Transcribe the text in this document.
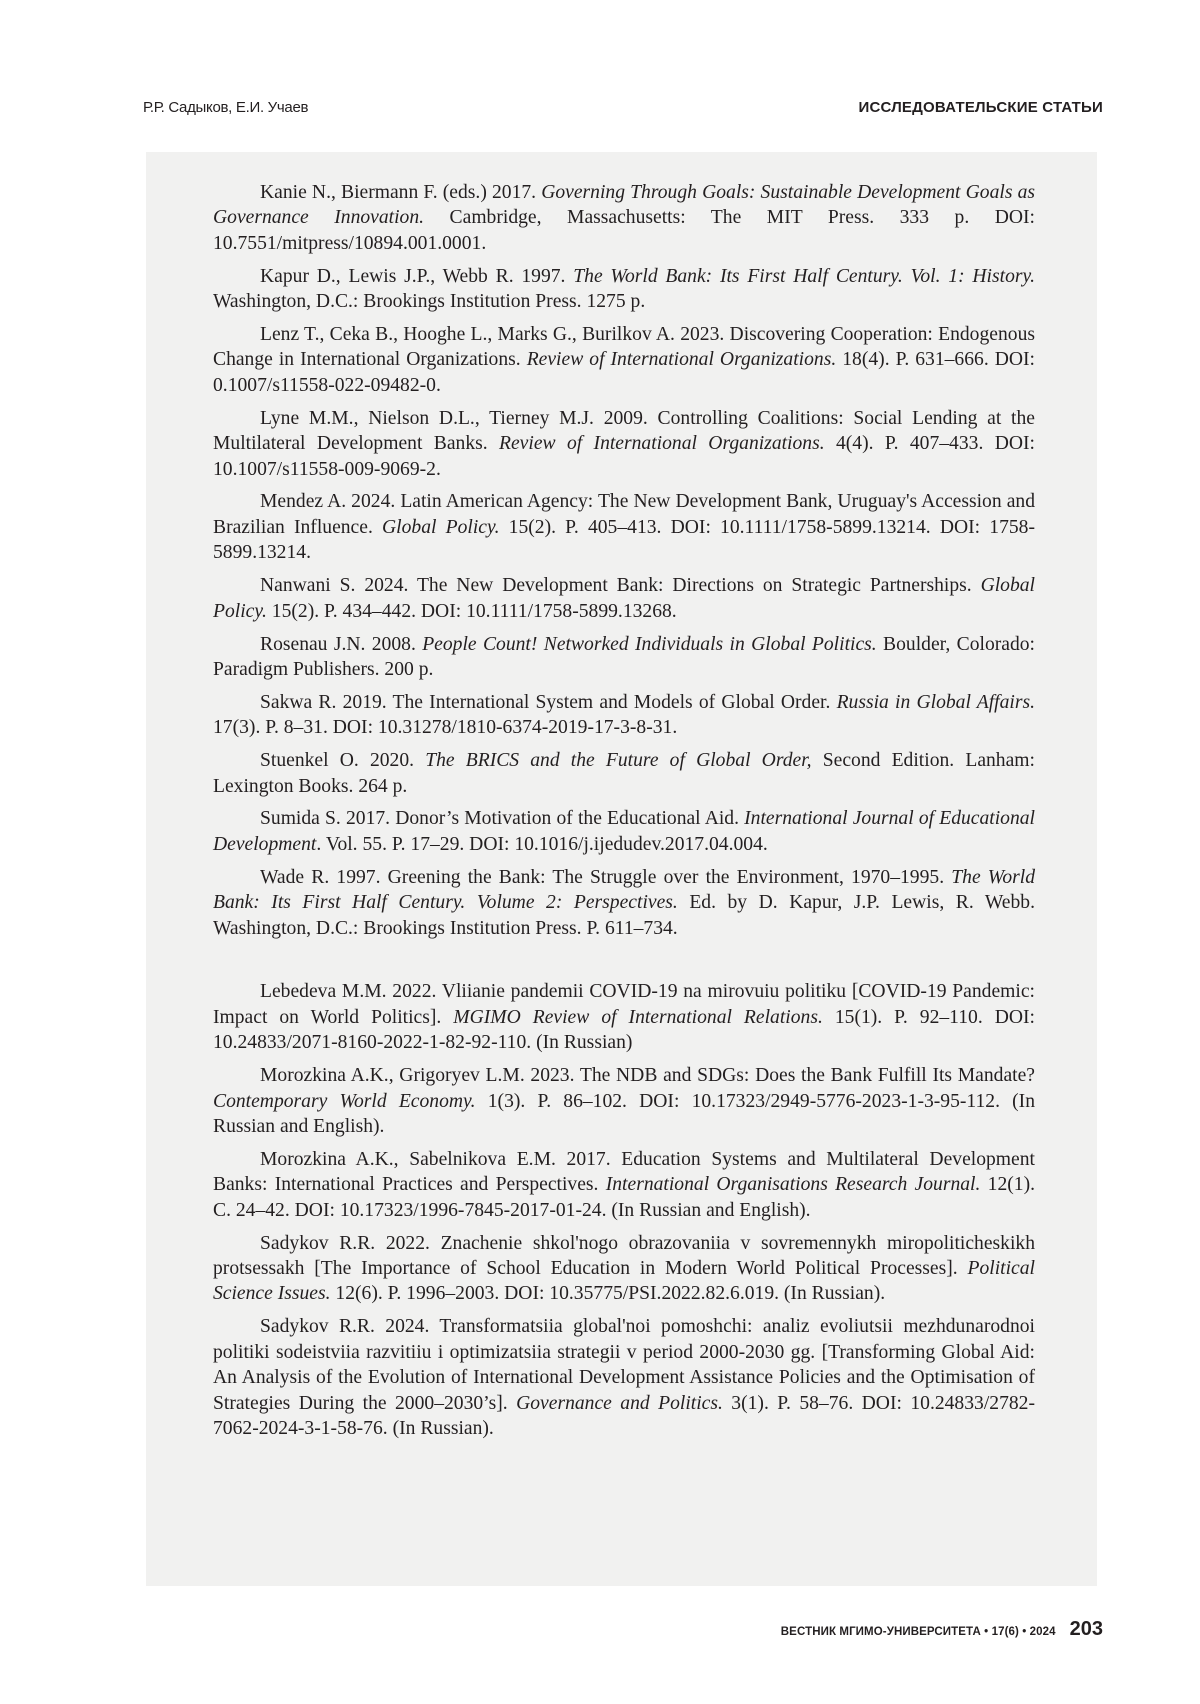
Р.Р. Садыков, Е.И. Учаев	ИССЛЕДОВАТЕЛЬСКИЕ СТАТЬИ

Kanie N., Biermann F. (eds.) 2017. Governing Through Goals: Sustainable Development Goals as Governance Innovation. Cambridge, Massachusetts: The MIT Press. 333 p. DOI: 10.7551/mitpress/10894.001.0001.

Kapur D., Lewis J.P., Webb R. 1997. The World Bank: Its First Half Century. Vol. 1: History. Washington, D.C.: Brookings Institution Press. 1275 p.

Lenz T., Ceka B., Hooghe L., Marks G., Burilkov A. 2023. Discovering Cooperation: Endogenous Change in International Organizations. Review of International Organizations. 18(4). P. 631–666. DOI: 0.1007/s11558-022-09482-0.

Lyne M.M., Nielson D.L., Tierney M.J. 2009. Controlling Coalitions: Social Lending at the Multilateral Development Banks. Review of International Organizations. 4(4). P. 407–433. DOI: 10.1007/s11558-009-9069-2.

Mendez A. 2024. Latin American Agency: The New Development Bank, Uruguay's Accession and Brazilian Influence. Global Policy. 15(2). P. 405–413. DOI: 10.1111/1758-5899.13214. DOI: 1758-5899.13214.

Nanwani S. 2024. The New Development Bank: Directions on Strategic Partnerships. Global Policy. 15(2). P. 434–442. DOI: 10.1111/1758-5899.13268.

Rosenau J.N. 2008. People Count! Networked Individuals in Global Politics. Boulder, Colorado: Paradigm Publishers. 200 p.

Sakwa R. 2019. The International System and Models of Global Order. Russia in Global Affairs. 17(3). P. 8–31. DOI: 10.31278/1810-6374-2019-17-3-8-31.

Stuenkel O. 2020. The BRICS and the Future of Global Order, Second Edition. Lanham: Lexington Books. 264 p.

Sumida S. 2017. Donor’s Motivation of the Educational Aid. International Journal of Educational Development. Vol. 55. P. 17–29. DOI: 10.1016/j.ijedudev.2017.04.004.

Wade R. 1997. Greening the Bank: The Struggle over the Environment, 1970–1995. The World Bank: Its First Half Century. Volume 2: Perspectives. Ed. by D. Kapur, J.P. Lewis, R. Webb. Washington, D.C.: Brookings Institution Press. P. 611–734.

Lebedeva M.M. 2022. Vliianie pandemii COVID-19 na mirovuiu politiku [COVID-19 Pandemic: Impact on World Politics]. MGIMO Review of International Relations. 15(1). P. 92–110. DOI: 10.24833/2071-8160-2022-1-82-92-110. (In Russian)

Morozkina A.K., Grigoryev L.M. 2023. The NDB and SDGs: Does the Bank Fulfill Its Mandate? Contemporary World Economy. 1(3). P. 86–102. DOI: 10.17323/2949-5776-2023-1-3-95-112. (In Russian and English).

Morozkina A.K., Sabelnikova E.M. 2017. Education Systems and Multilateral Development Banks: International Practices and Perspectives. International Organisations Research Journal. 12(1). C. 24–42. DOI: 10.17323/1996-7845-2017-01-24. (In Russian and English).

Sadykov R.R. 2022. Znachenie shkol'nogo obrazovaniia v sovremennykh miropoliticheskikh protsessakh [The Importance of School Education in Modern World Political Processes]. Political Science Issues. 12(6). P. 1996–2003. DOI: 10.35775/PSI.2022.82.6.019. (In Russian).

Sadykov R.R. 2024. Transformatsiia global'noi pomoshchi: analiz evoliutsii mezhdunarodnoi politiki sodeistviia razvitiiu i optimizatsiia strategii v period 2000-2030 gg. [Transforming Global Aid: An Analysis of the Evolution of International Development Assistance Policies and the Optimisation of Strategies During the 2000–2030’s]. Governance and Politics. 3(1). P. 58–76. DOI: 10.24833/2782-7062-2024-3-1-58-76. (In Russian).

ВЕСТНИК МГИМО-УНИВЕРСИТЕТА • 17(6) • 2024 203
